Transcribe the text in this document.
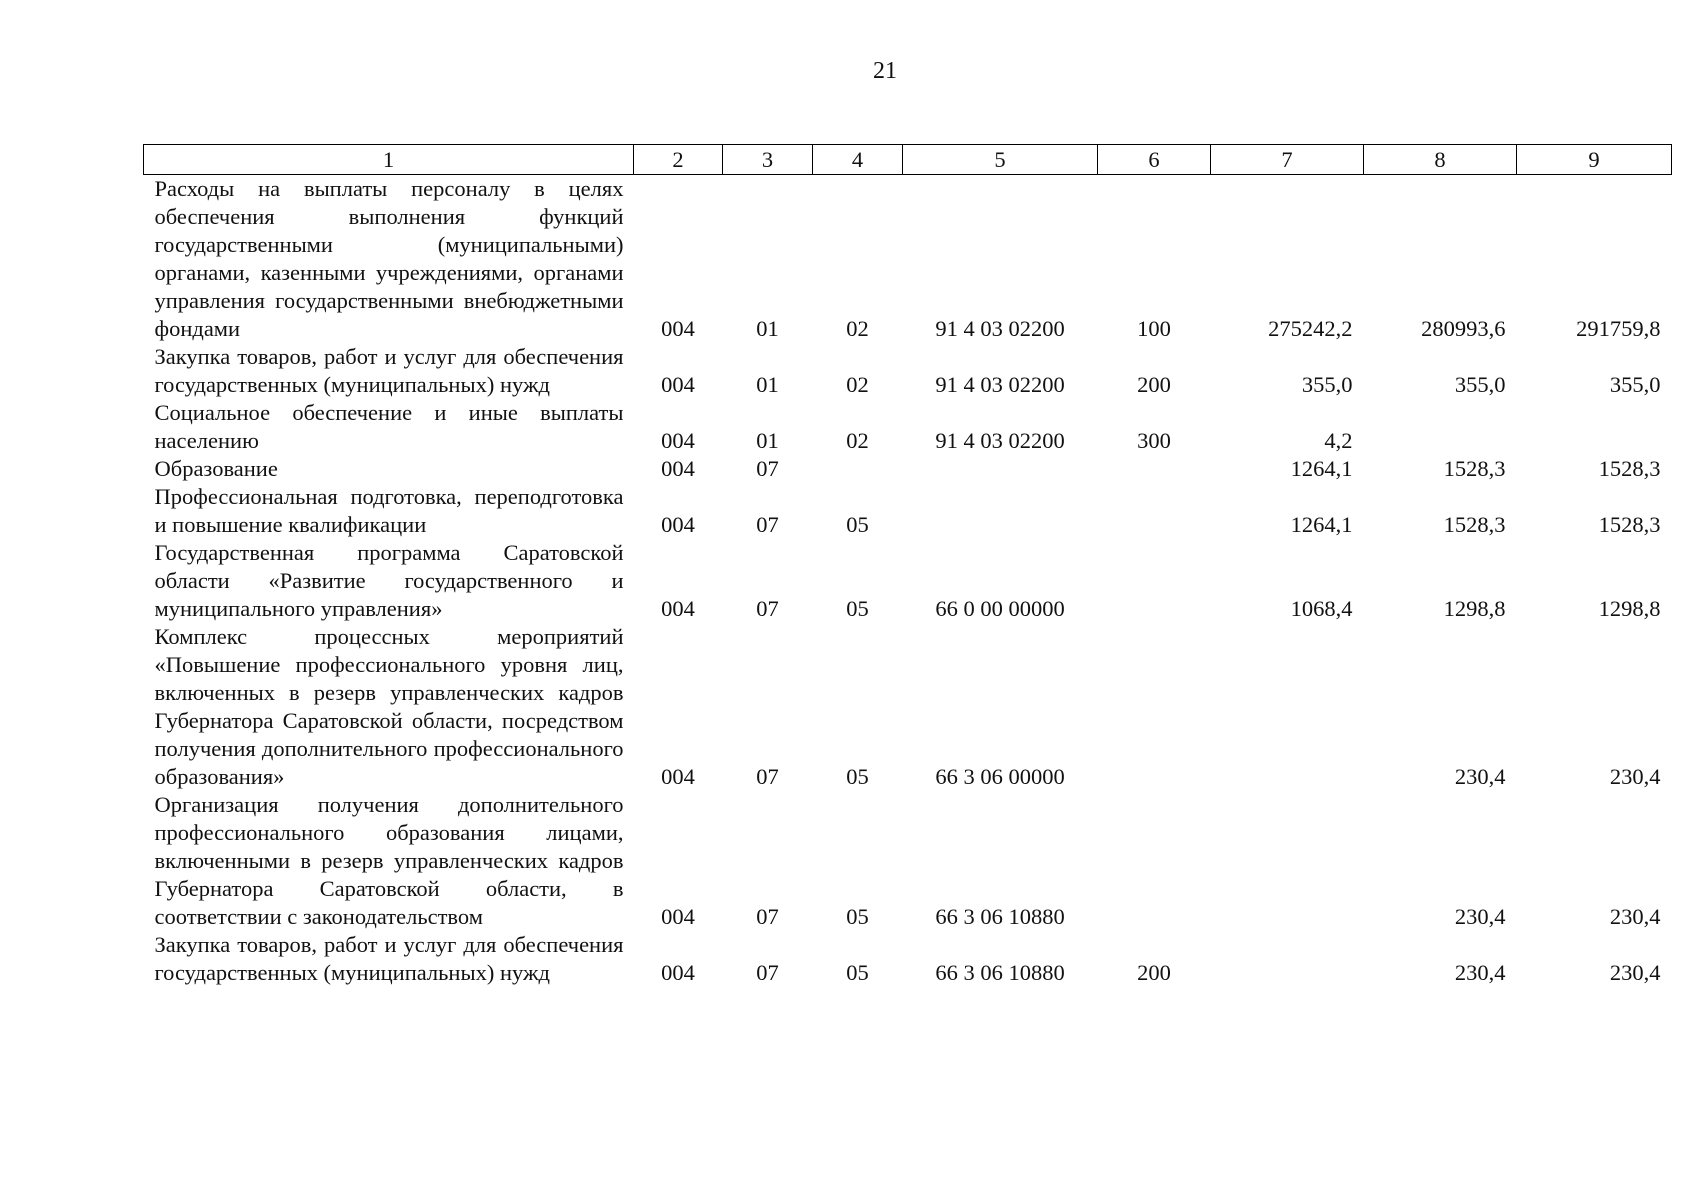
21
1	2	3	4	5	6	7	8	9
Расходы на выплаты персоналу в целях обеспечения выполнения функций государственными (муниципальными) органами, казенными учреждениями, органами управления государственными внебюджетными фондами	004	01	02	91 4 03 02200	100	275242,2	280993,6	291759,8
Закупка товаров, работ и услуг для обеспечения государственных (муниципальных) нужд	004	01	02	91 4 03 02200	200	355,0	355,0	355,0
Социальное обеспечение и иные выплаты населению	004	01	02	91 4 03 02200	300	4,2		
Образование	004	07				1264,1	1528,3	1528,3
Профессиональная подготовка, переподготовка и повышение квалификации	004	07	05			1264,1	1528,3	1528,3
Государственная программа Саратовской области «Развитие государственного и муниципального управления»	004	07	05	66 0 00 00000		1068,4	1298,8	1298,8
Комплекс процессных мероприятий «Повышение профессионального уровня лиц, включенных в резерв управленческих кадров Губернатора Саратовской области, посредством получения дополнительного профессионального образования»	004	07	05	66 3 06 00000			230,4	230,4
Организация получения дополнительного профессионального образования лицами, включенными в резерв управленческих кадров Губернатора Саратовской области, в соответствии с законодательством	004	07	05	66 3 06 10880			230,4	230,4
Закупка товаров, работ и услуг для обеспечения государственных (муниципальных) нужд	004	07	05	66 3 06 10880	200		230,4	230,4
